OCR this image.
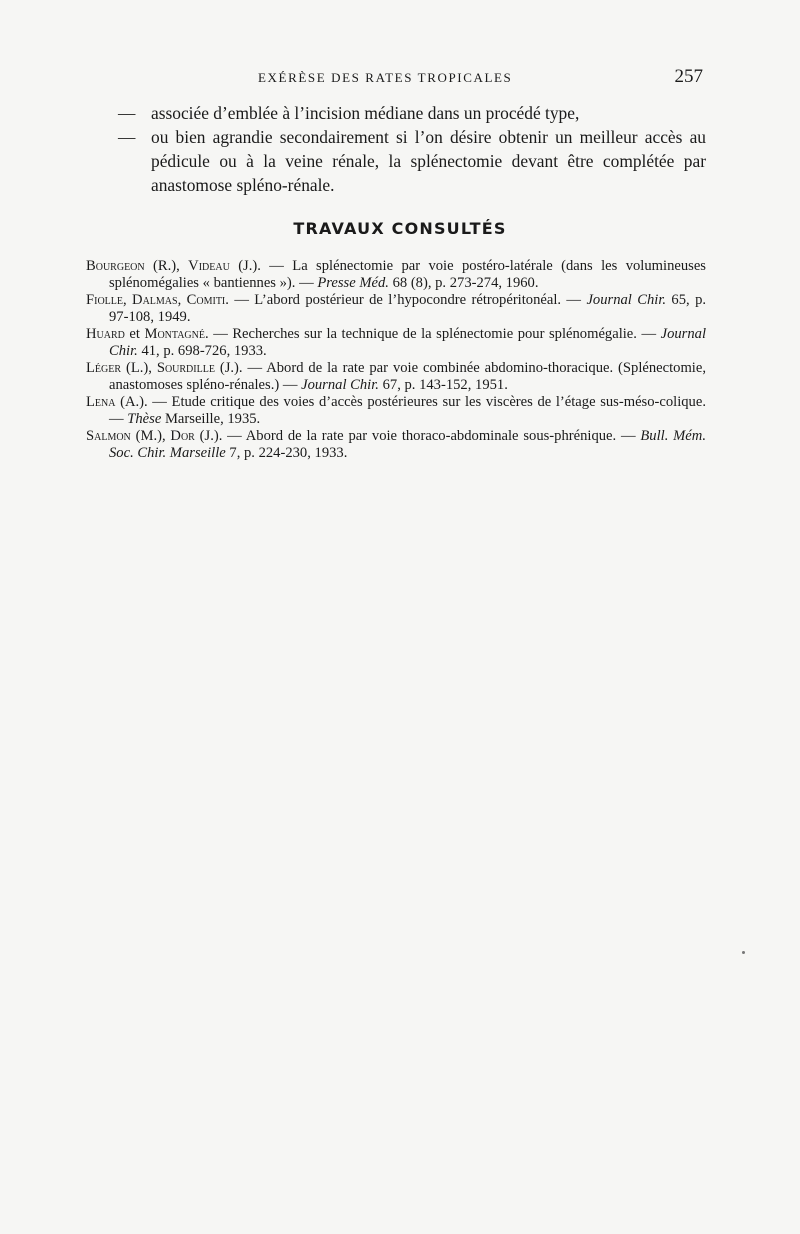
EXÉRÈSE DES RATES TROPICALES	257
— associée d’emblée à l’incision médiane dans un procédé type,
— ou bien agrandie secondairement si l’on désire obtenir un meilleur accès au pédicule ou à la veine rénale, la splénectomie devant être complétée par anastomose spléno-rénale.
TRAVAUX CONSULTÉS
Bourgeon (R.), Videau (J.). — La splénectomie par voie postéro-latérale (dans les volumineuses splénomégalies « bantiennes »). — Presse Méd. 68 (8), p. 273-274, 1960.
Fiolle, Dalmas, Comiti. — L’abord postérieur de l’hypocondre rétropéritonéal. — Journal Chir. 65, p. 97-108, 1949.
Huard et Montagné. — Recherches sur la technique de la splénectomie pour splénomégalie. — Journal Chir. 41, p. 698-726, 1933.
Léger (L.), Sourdille (J.). — Abord de la rate par voie combinée abdomino-thoracique. (Splénectomie, anastomoses spléno-rénales.) — Journal Chir. 67, p. 143-152, 1951.
Lena (A.). — Etude critique des voies d’accès postérieures sur les viscères de l’étage sus-méso-colique. — Thèse Marseille, 1935.
Salmon (M.), Dor (J.). — Abord de la rate par voie thoraco-abdominale sous-phrénique. — Bull. Mém. Soc. Chir. Marseille 7, p. 224-230, 1933.
